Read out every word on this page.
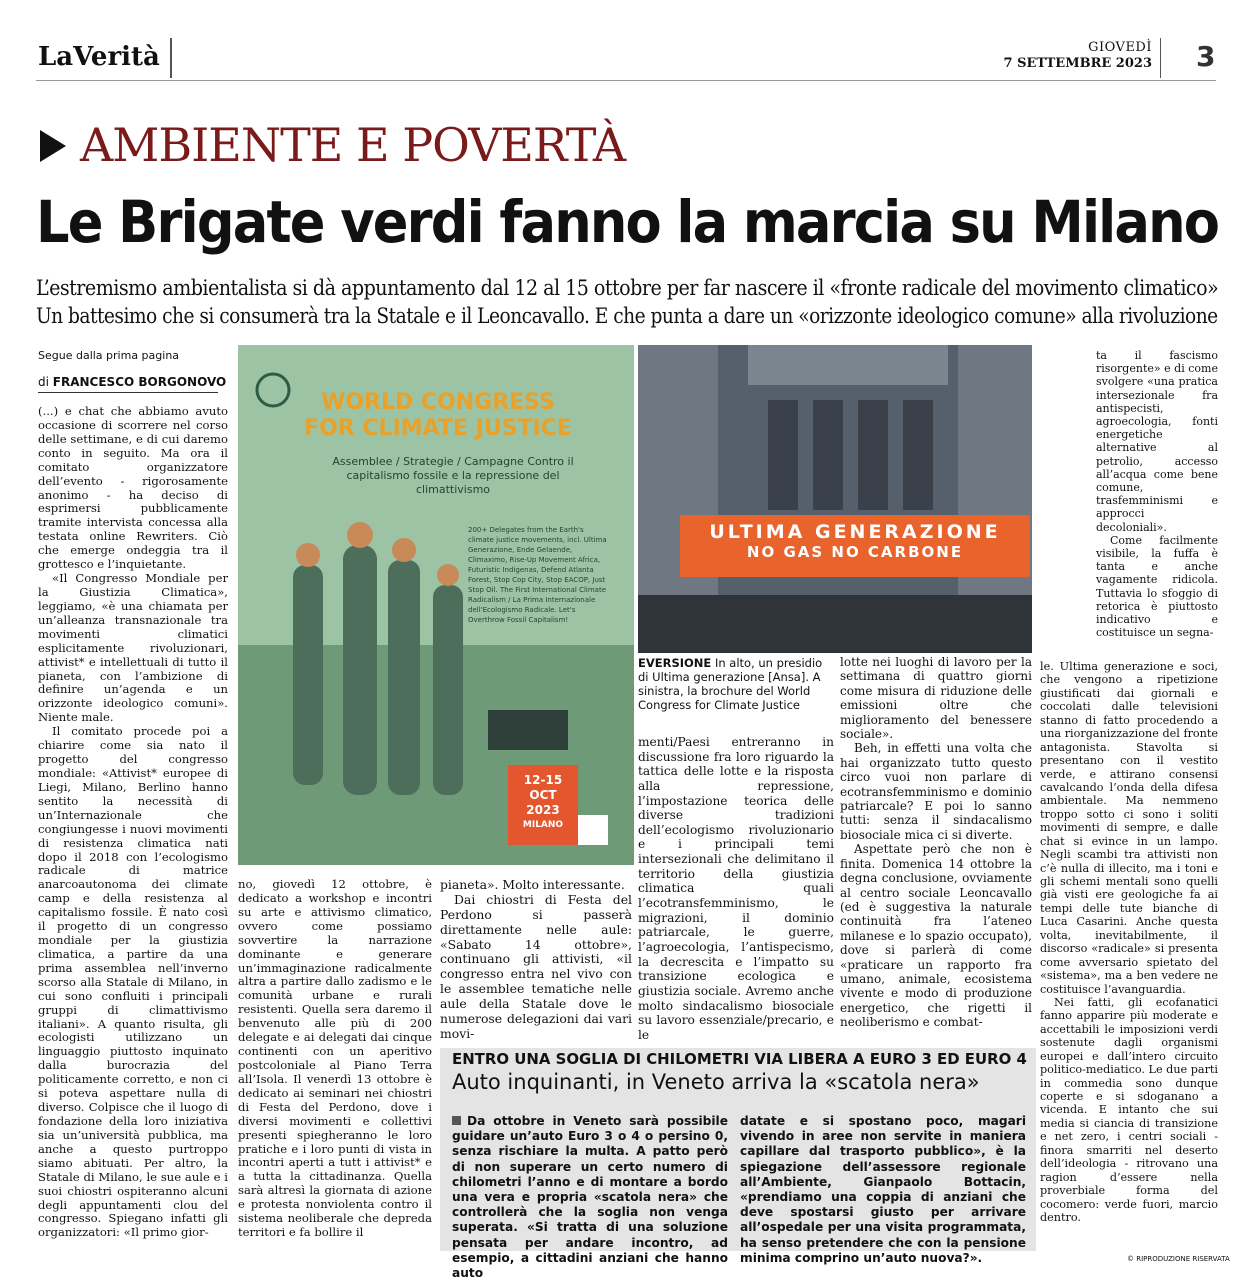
LaVerità	GIOVEDÌ
7 SETTEMBRE 2023 3
AMBIENTE E POVERTÀ
Le Brigate verdi fanno la marcia su Milano
L’estremismo ambientalista si dà appuntamento dal 12 al 15 ottobre per far nascere il «fronte radicale del movimento climatico»
Un battesimo che si consumerà tra la Statale e il Leoncavallo. E che punta a dare un «orizzonte ideologico comune» alla rivoluzione
Segue dalla prima pagina
di FRANCESCO BORGONOVO

(...) e chat che abbiamo avuto occasione di scorrere nel corso delle settimane, e di cui daremo conto in seguito. Ma ora il comitato organizzatore dell’evento - rigorosamente anonimo - ha deciso di esprimersi pubblicamente tramite intervista concessa alla testata online Rewriters. Ciò che emerge ondeggia tra il grottesco e l’inquietante.

«Il Congresso Mondiale per la Giustizia Climatica», leggiamo, «è una chiamata per un’alleanza transnazionale tra movimenti climatici esplicitamente rivoluzionari, attivist* e intellettuali di tutto il pianeta, con l’ambizione di definire un’agenda e un orizzonte ideologico comuni». Niente male.

Il comitato procede poi a chiarire come sia nato il progetto del congresso mondiale: «Attivist* europee di Liegi, Milano, Berlino hanno sentito la necessità di un’Internazionale che congiungesse i nuovi movimenti di resistenza climatica nati dopo il 2018 con l’ecologismo radicale di matrice anarcoautonoma dei climate camp e della resistenza al capitalismo fossile. È nato così il progetto di un congresso mondiale per la giustizia climatica, a partire da una prima assemblea nell’inverno scorso alla Statale di Milano, in cui sono confluiti i principali gruppi di climattivismo italiani». A quanto risulta, gli ecologisti utilizzano un linguaggio piuttosto inquinato dalla burocrazia del politicamente corretto, e non ci si poteva aspettare nulla di diverso. Colpisce che il luogo di fondazione della loro iniziativa sia un’università pubblica, ma anche a questo purtroppo siamo abituati. Per altro, la Statale di Milano, le sue aule e i suoi chiostri ospiteranno alcuni degli appuntamenti clou del congresso. Spiegano infatti gli organizzatori: «Il primo gior-

WORLD CONGRESS
FOR CLIMATE JUSTICE
Assemblee / Strategie / Campagne Contro il capitalismo fossile e la repressione del climattivismo
200+ Delegates from the Earth's climate justice movements, incl. Ultima Generazione, Ende Gelaende, Climaximo, Rise-Up Movement Africa, Futuristic Indigenas, Defend Atlanta Forest, Stop Cop City, Stop EACOP, Just Stop Oil. The First International Climate Radicalism / La Prima Internazionale dell'Ecologismo Radicale. Let's Overthrow Fossil Capitalism!
12-15
OCT
2023
MILANO

no, giovedì 12 ottobre, è dedicato a workshop e incontri su arte e attivismo climatico, ovvero come possiamo sovvertire la narrazione dominante e generare un’immaginazione radicalmente altra a partire dallo zadismo e le comunità urbane e rurali resistenti. Quella sera daremo il benvenuto alle più di 200 delegate e ai delegati dai cinque continenti con un aperitivo postcoloniale al Piano Terra all’Isola. Il venerdì 13 ottobre è dedicato ai seminari nei chiostri di Festa del Perdono, dove i diversi movimenti e collettivi presenti spiegheranno le loro pratiche e i loro punti di vista in incontri aperti a tutt i attivist* e a tutta la cittadinanza. Quella sarà altresì la giornata di azione e protesta nonviolenta contro il sistema neoliberale che depreda territori e fa bollire il

pianeta». Molto interessante.

Dai chiostri di Festa del Perdono si passerà direttamente nelle aule: «Sabato 14 ottobre», continuano gli attivisti, «il congresso entra nel vivo con le assemblee tematiche nelle aule della Statale dove le numerose delegazioni dai vari movi-

ULTIMA GENERAZIONE
NO GAS NO CARBONE
EVERSIONE In alto, un presidio di Ultima generazione [Ansa]. A sinistra, la brochure del World Congress for Climate Justice

menti/Paesi entreranno in discussione fra loro riguardo la tattica delle lotte e la risposta alla repressione, l’impostazione teorica delle diverse tradizioni dell’ecologismo rivoluzionario e i principali temi intersezionali che delimitano il territorio della giustizia climatica quali l’ecotransfemminismo, le migrazioni, il dominio patriarcale, le guerre, l’agroecologia, l’antispecismo, la decrescita e l’impatto su transizione ecologica e giustizia sociale. Avremo anche molto sindacalismo biosociale su lavoro essenziale/precario, e le

lotte nei luoghi di lavoro per la settimana di quattro giorni come misura di riduzione delle emissioni oltre che miglioramento del benessere sociale».

Beh, in effetti una volta che hai organizzato tutto questo circo vuoi non parlare di ecotransfemminismo e dominio patriarcale? E poi lo sanno tutti: senza il sindacalismo biosociale mica ci si diverte.

Aspettate però che non è finita. Domenica 14 ottobre la degna conclusione, ovviamente al centro sociale Leoncavallo (ed è suggestiva la naturale continuità fra l’ateneo milanese e lo spazio occupato), dove si parlerà di come «praticare un rapporto fra umano, animale, ecosistema vivente e modo di produzione energetico, che rigetti il neoliberismo e combat-

ta il fascismo risorgente» e di come svolgere «una pratica intersezionale fra antispecisti, agroecologia, fonti energetiche alternative al petrolio, accesso all’acqua come bene comune, trasfemminismi e approcci decoloniali».

Come facilmente visibile, la fuffa è tanta e anche vagamente ridicola. Tuttavia lo sfoggio di retorica è piuttosto indicativo e costituisce un segna-

le. Ultima generazione e soci, che vengono a ripetizione giustificati dai giornali e coccolati dalle televisioni stanno di fatto procedendo a una riorganizzazione del fronte antagonista. Stavolta si presentano con il vestito verde, e attirano consensi cavalcando l’onda della difesa ambientale. Ma nemmeno troppo sotto ci sono i soliti movimenti di sempre, e dalle chat si evince in un lampo. Negli scambi tra attivisti non c’è nulla di illecito, ma i toni e gli schemi mentali sono quelli già visti ere geologiche fa ai tempi delle tute bianche di Luca Casarini. Anche questa volta, inevitabilmente, il discorso «radicale» si presenta come avversario spietato del «sistema», ma a ben vedere ne costituisce l’avanguardia.

Nei fatti, gli ecofanatici fanno apparire più moderate e accettabili le imposizioni verdi sostenute dagli organismi europei e dall’intero circuito politico-mediatico. Le due parti in commedia sono dunque coperte e si sdoganano a vicenda. E intanto che sui media si ciancia di transizione e net zero, i centri sociali - finora smarriti nel deserto dell’ideologia - ritrovano una ragion d’essere nella proverbiale forma del cocomero: verde fuori, marcio dentro.

ENTRO UNA SOGLIA DI CHILOMETRI VIA LIBERA A EURO 3 ED EURO 4
Auto inquinanti, in Veneto arriva la «scatola nera»
Da ottobre in Veneto sarà possibile guidare un’auto Euro 3 o 4 o persino 0, senza rischiare la multa. A patto però di non superare un certo numero di chilometri l’anno e di montare a bordo una vera e propria «scatola nera» che controllerà che la soglia non venga superata. «Si tratta di una soluzione pensata per andare incontro, ad esempio, a cittadini anziani che hanno auto
datate e si spostano poco, magari vivendo in aree non servite in maniera capillare dal trasporto pubblico», è la spiegazione dell’assessore regionale all’Ambiente, Gianpaolo Bottacin, «prendiamo una coppia di anziani che deve spostarsi giusto per arrivare all’ospedale per una visita programmata, ha senso pretendere che con la pensione minima comprino un’auto nuova?».	© RIPRODUZIONE RISERVATA
